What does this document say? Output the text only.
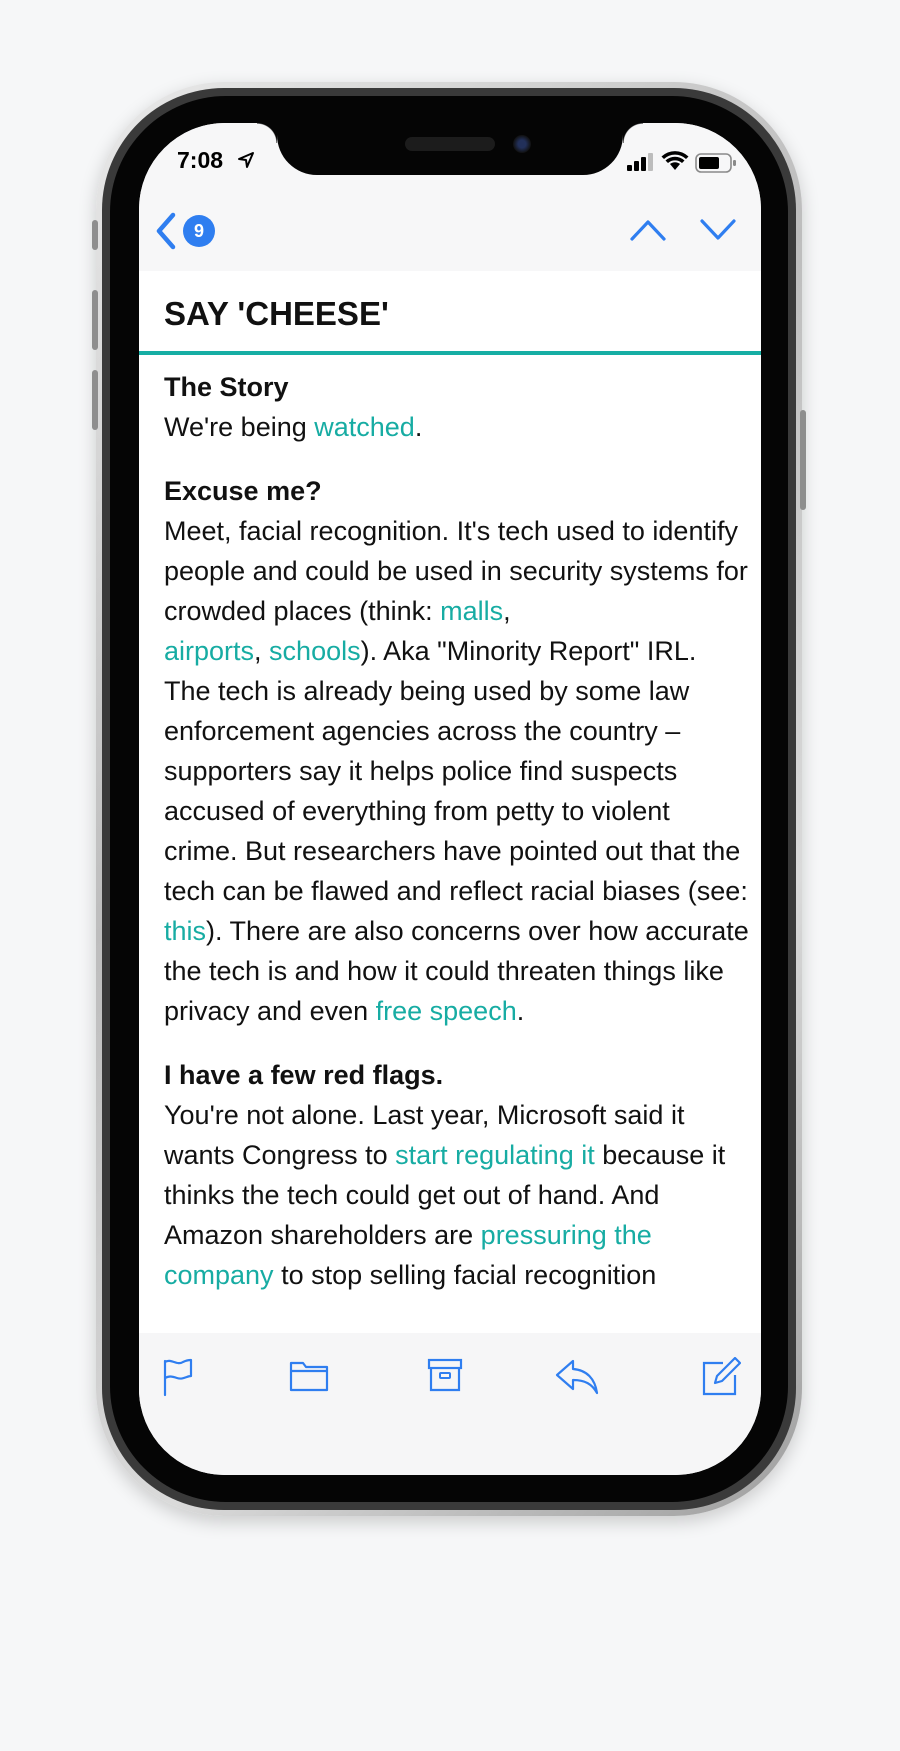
7:08
9
SAY 'CHEESE'
The Story
We're being watched.
Excuse me?
Meet, facial recognition. It's tech used to identify people and could be used in security systems for crowded places (think: malls,
airports, schools). Aka "Minority Report" IRL. The tech is already being used by some law enforcement agencies across the country – supporters say it helps police find suspects accused of everything from petty to violent crime. But researchers have pointed out that the tech can be flawed and reflect racial biases (see: this). There are also concerns over how accurate the tech is and how it could threaten things like privacy and even free speech.
I have a few red flags.
You're not alone. Last year, Microsoft said it wants Congress to start regulating it because it thinks the tech could get out of hand. And Amazon shareholders are pressuring the company to stop selling facial recognition
